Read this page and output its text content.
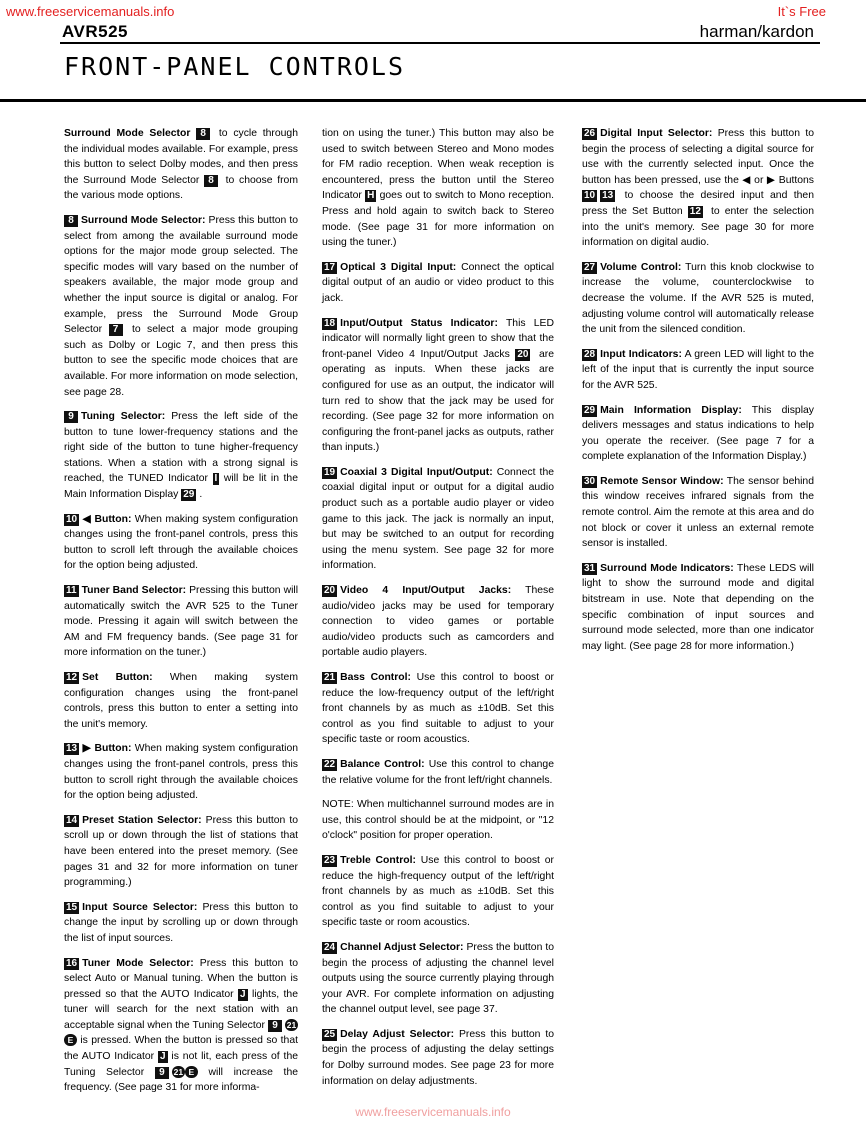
www.freeservicemanuals.info	It`s Free
AVR525	harman/kardon
FRONT-PANEL CONTROLS

Surround Mode Selector 8 to cycle through the individual modes available. For example, press this button to select Dolby modes, and then press the Surround Mode Selector 8 to choose from the various mode options.

8 Surround Mode Selector: Press this button to select from among the available surround mode options for the major mode group selected. The specific modes will vary based on the number of speakers available, the major mode group and whether the input source is digital or analog. For example, press the Surround Mode Group Selector 7 to select a major mode grouping such as Dolby or Logic 7, and then press this button to see the specific mode choices that are available. For more information on mode selection, see page 28.

9 Tuning Selector: Press the left side of the button to tune lower-frequency stations and the right side of the button to tune higher-frequency stations. When a station with a strong signal is reached, the TUNED Indicator I will be lit in the Main Information Display 29 .

10 ◀ Button: When making system configuration changes using the front-panel controls, press this button to scroll left through the available choices for the option being adjusted.

11 Tuner Band Selector: Pressing this button will automatically switch the AVR 525 to the Tuner mode. Pressing it again will switch between the AM and FM frequency bands. (See page 31 for more information on the tuner.)

12 Set Button: When making system configuration changes using the front-panel controls, press this button to enter a setting into the unit's memory.

13 ▶ Button: When making system configuration changes using the front-panel controls, press this button to scroll right through the available choices for the option being adjusted.

14 Preset Station Selector: Press this button to scroll up or down through the list of stations that have been entered into the preset memory. (See pages 31 and 32 for more information on tuner programming.)

15 Input Source Selector: Press this button to change the input by scrolling up or down through the list of input sources.

16 Tuner Mode Selector: Press this button to select Auto or Manual tuning. When the button is pressed so that the AUTO Indicator J lights, the tuner will search for the next station with an acceptable signal when the Tuning Selector 9 21E is pressed. When the button is pressed so that the AUTO Indicator J is not lit, each press of the Tuning Selector 9 21 E will increase the frequency. (See page 31 for more informa-

tion on using the tuner.) This button may also be used to switch between Stereo and Mono modes for FM radio reception. When weak reception is encountered, press the button until the Stereo Indicator H goes out to switch to Mono reception. Press and hold again to switch back to Stereo mode. (See page 31 for more information on using the tuner.)

17 Optical 3 Digital Input: Connect the optical digital output of an audio or video product to this jack.

18 Input/Output Status Indicator: This LED indicator will normally light green to show that the front-panel Video 4 Input/Output Jacks 20 are operating as inputs. When these jacks are configured for use as an output, the indicator will turn red to show that the jack may be used for recording. (See page 32 for more information on configuring the front-panel jacks as outputs, rather than inputs.)

19 Coaxial 3 Digital Input/Output: Connect the coaxial digital input or output for a digital audio product such as a portable audio player or video game to this jack. The jack is normally an input, but may be switched to an output for recording using the menu system. See page 32 for more information.

20 Video 4 Input/Output Jacks: These audio/video jacks may be used for temporary connection to video games or portable audio/video products such as camcorders and portable audio players.

21 Bass Control: Use this control to boost or reduce the low-frequency output of the left/right front channels by as much as ±10dB. Set this control as you find suitable to adjust to your specific taste or room acoustics.

22 Balance Control: Use this control to change the relative volume for the front left/right channels.

NOTE: When multichannel surround modes are in use, this control should be at the midpoint, or "12 o'clock" position for proper operation.

23 Treble Control: Use this control to boost or reduce the high-frequency output of the left/right front channels by as much as ±10dB. Set this control as you find suitable to adjust to your specific taste or room acoustics.

24 Channel Adjust Selector: Press the button to begin the process of adjusting the channel level outputs using the source currently playing through your AVR. For complete information on adjusting the channel output level, see page 37.

25 Delay Adjust Selector: Press this button to begin the process of adjusting the delay settings for Dolby surround modes. See page 23 for more information on delay adjustments.

26 Digital Input Selector: Press this button to begin the process of selecting a digital source for use with the currently selected input. Once the button has been pressed, use the ◀ or ▶ Buttons 10 13 to choose the desired input and then press the Set Button 12 to enter the selection into the unit's memory. See page 30 for more information on digital audio.

27 Volume Control: Turn this knob clockwise to increase the volume, counterclockwise to decrease the volume. If the AVR 525 is muted, adjusting volume control will automatically release the unit from the silenced condition.

28 Input Indicators: A green LED will light to the left of the input that is currently the input source for the AVR 525.

29 Main Information Display: This display delivers messages and status indications to help you operate the receiver. (See page 7 for a complete explanation of the Information Display.)

30 Remote Sensor Window: The sensor behind this window receives infrared signals from the remote control. Aim the remote at this area and do not block or cover it unless an external remote sensor is installed.

31 Surround Mode Indicators: These LEDS will light to show the surround mode and digital bitstream in use. Note that depending on the specific combination of input sources and surround mode selected, more than one indicator may light. (See page 28 for more information.)

www.freeservicemanuals.info
